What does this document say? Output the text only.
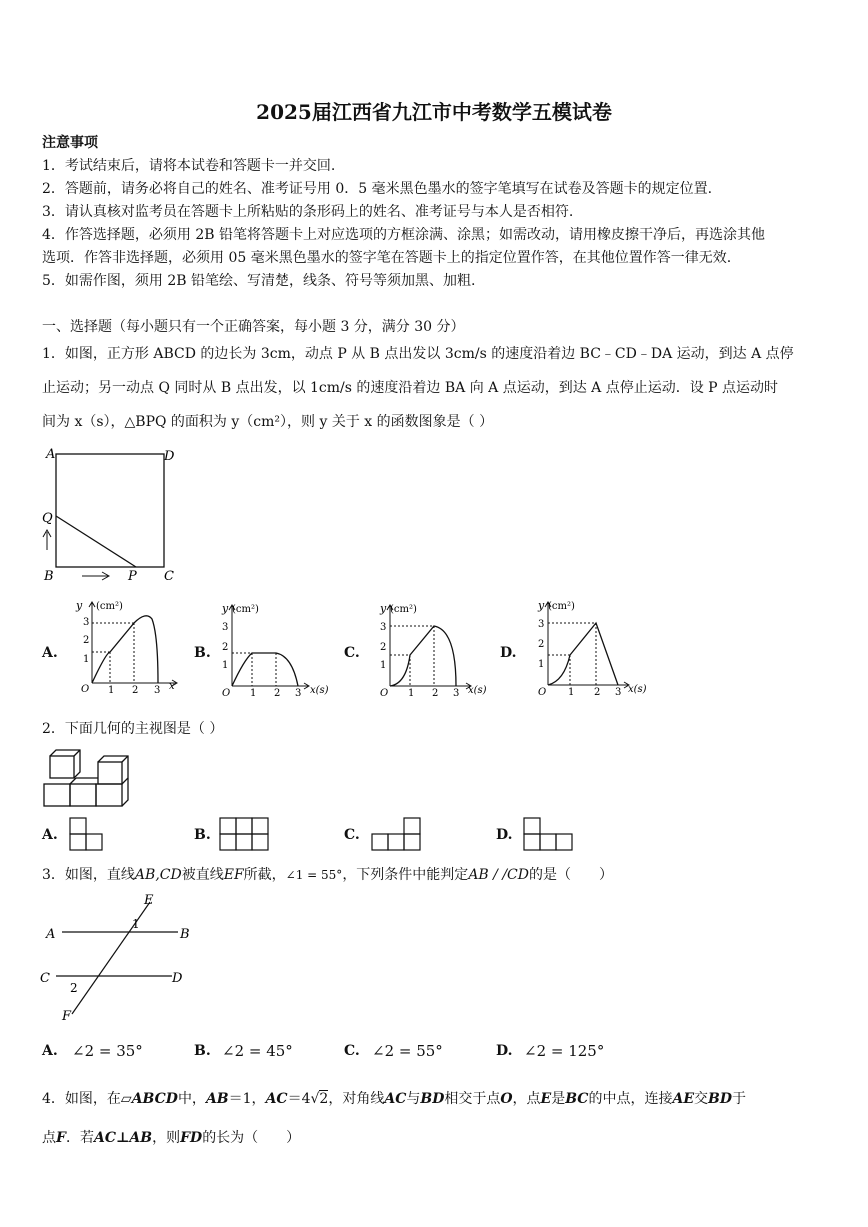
2025届江西省九江市中考数学五模试卷
注意事项
1．考试结束后，请将本试卷和答题卡一并交回.
2．答题前，请务必将自己的姓名、准考证号用 0．5 毫米黑色墨水的签字笔填写在试卷及答题卡的规定位置.
3．请认真核对监考员在答题卡上所粘贴的条形码上的姓名、准考证号与本人是否相符.
4．作答选择题，必须用 2B 铅笔将答题卡上对应选项的方框涂满、涂黑；如需改动，请用橡皮擦干净后，再选涂其他
选项．作答非选择题，必须用 05 毫米黑色墨水的签字笔在答题卡上的指定位置作答，在其他位置作答一律无效.
5．如需作图，须用 2B 铅笔绘、写清楚，线条、符号等须加黑、加粗.
一、选择题（每小题只有一个正确答案，每小题 3 分，满分 30 分）
1．如图，正方形 ABCD 的边长为 3cm，动点 P 从 B 点出发以 3cm/s 的速度沿着边 BC﹣CD﹣DA 运动，到达 A 点停
止运动；另一动点 Q 同时从 B 点出发，以 1cm/s 的速度沿着边 BA 向 A 点运动，到达 A 点停止运动．设 P 点运动时
间为 x（s），△BPQ 的面积为 y（cm²），则 y 关于 x 的函数图象是（ ）
A	D
Q
B	P C
A.	B.	C.	D.
y (cm²)
3
2
1
O 1 2 3 x
y (cm²)
3
2
1
O 1 2 3 x(s)
y (cm²)
3
2
1
O 1 2 3 x(s)
y (cm²)
3
2
1
O 1 2 3 x(s)
2．下面几何的主视图是（ ）
A.	B.	C.	D.
3．如图，直线AB,CD被直线EF所截，∠1 = 55°，下列条件中能判定AB / /CD的是（　　）
E
A
1
B
C	D
2
F
A. ∠2 = 35°	B. ∠2 = 45°	C. ∠2 = 55°	D. ∠2 = 125°
4．如图，在▱ABCD中，AB＝1，AC＝4√2，对角线AC与BD相交于点O，点E是BC的中点，连接AE交BD于
点F．若AC⊥AB，则FD的长为（　　）
